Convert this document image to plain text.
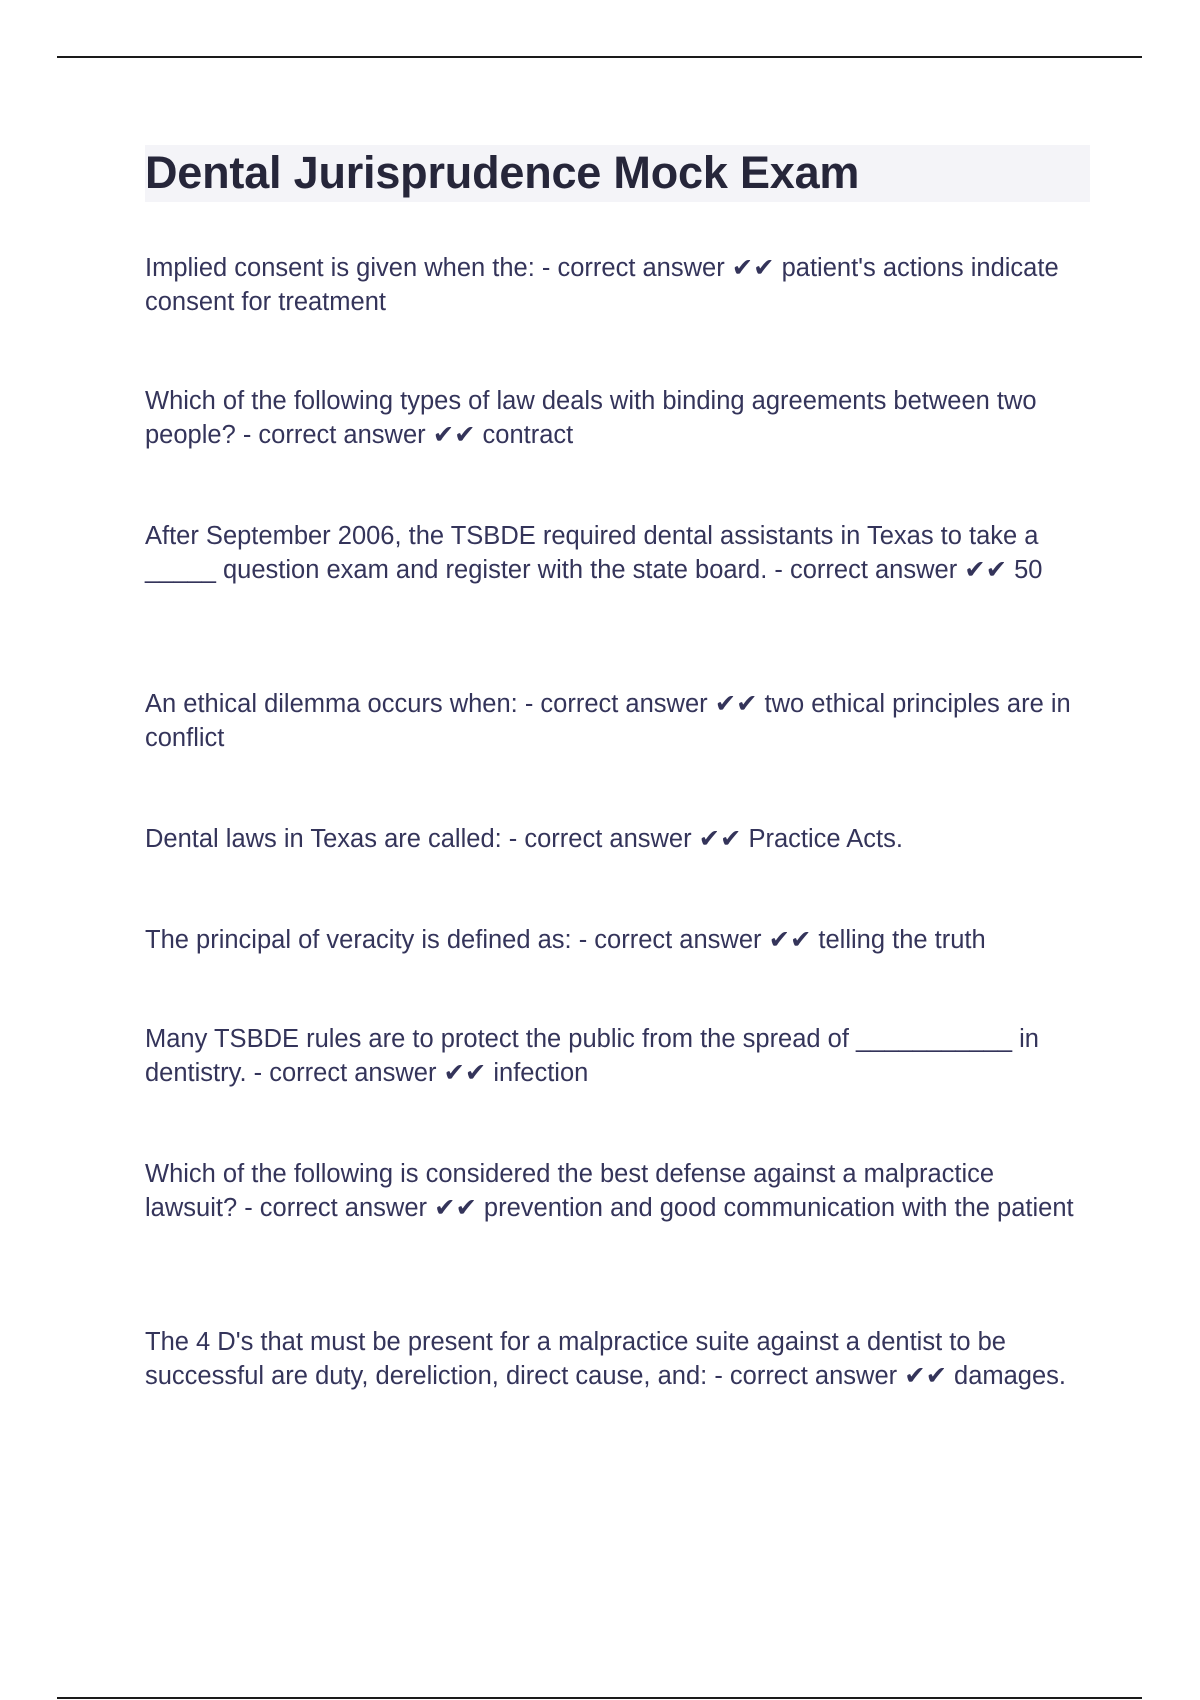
Dental Jurisprudence Mock Exam

Implied consent is given when the: - correct answer ✔✔ patient's actions indicate consent for treatment

Which of the following types of law deals with binding agreements between two people? - correct answer ✔✔ contract

After September 2006, the TSBDE required dental assistants in Texas to take a _____ question exam and register with the state board. - correct answer ✔✔ 50

An ethical dilemma occurs when: - correct answer ✔✔ two ethical principles are in conflict

Dental laws in Texas are called: - correct answer ✔✔ Practice Acts.

The principal of veracity is defined as: - correct answer ✔✔ telling the truth

Many TSBDE rules are to protect the public from the spread of ___________ in dentistry. - correct answer ✔✔ infection

Which of the following is considered the best defense against a malpractice lawsuit? - correct answer ✔✔ prevention and good communication with the patient

The 4 D's that must be present for a malpractice suite against a dentist to be successful are duty, dereliction, direct cause, and: - correct answer ✔✔ damages.
